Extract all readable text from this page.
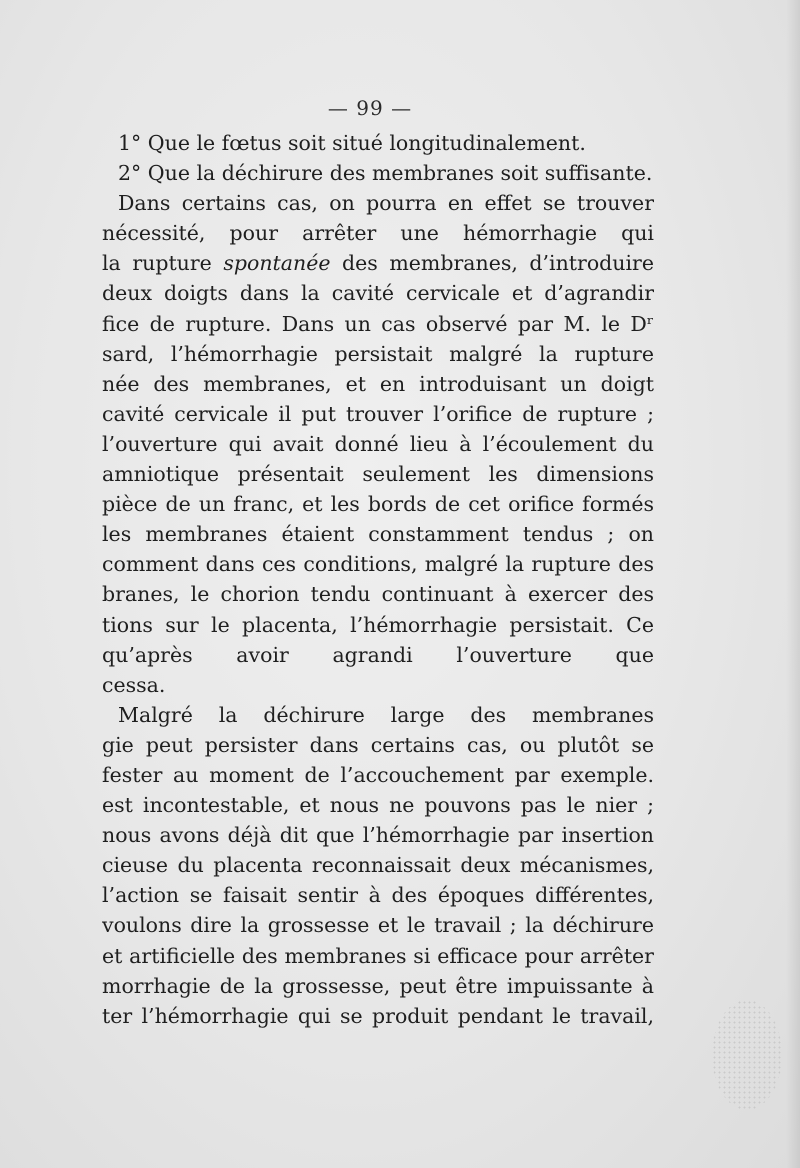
— 99 —
1° Que le fœtus soit situé longitudinalement.
2° Que la déchirure des membranes soit suffisante.
Dans certains cas, on pourra en effet se trouver
nécessité, pour arrêter une hémorrhagie qui
la rupture spontanée des membranes, d’introduire
deux doigts dans la cavité cervicale et d’agrandir
fice de rupture. Dans un cas observé par M. le Dʳ
sard, l’hémorrhagie persistait malgré la rupture
née des membranes, et en introduisant un doigt
cavité cervicale il put trouver l’orifice de rupture ;
l’ouverture qui avait donné lieu à l’écoulement du
amniotique présentait seulement les dimensions
pièce de un franc, et les bords de cet orifice formés
les membranes étaient constamment tendus ; on
comment dans ces conditions, malgré la rupture des
branes, le chorion tendu continuant à exercer des
tions sur le placenta, l’hémorrhagie persistait. Ce
qu’après avoir agrandi l’ouverture que
cessa.
Malgré la déchirure large des membranes
gie peut persister dans certains cas, ou plutôt se
fester au moment de l’accouchement par exemple.
est incontestable, et nous ne pouvons pas le nier ;
nous avons déjà dit que l’hémorrhagie par insertion
cieuse du placenta reconnaissait deux mécanismes,
l’action se faisait sentir à des époques différentes,
voulons dire la grossesse et le travail ; la déchirure
et artificielle des membranes si efficace pour arrêter
morrhagie de la grossesse, peut être impuissante à
ter l’hémorrhagie qui se produit pendant le travail,
